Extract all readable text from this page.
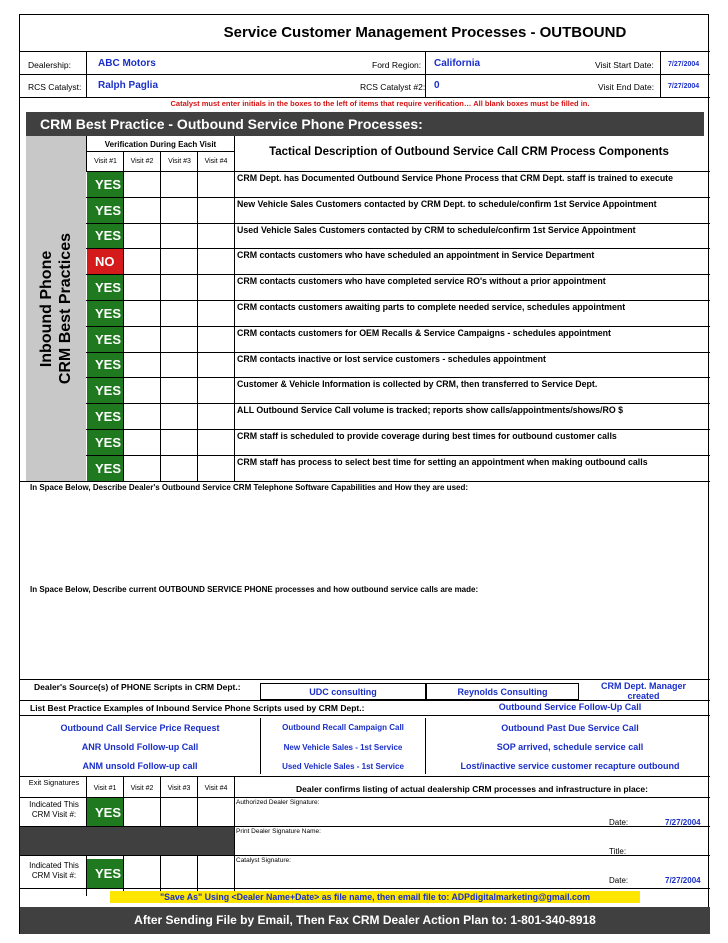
Service Customer Management Processes - OUTBOUND
Dealership:	ABC Motors	Ford Region: California	Visit Start Date: 7/27/2004
RCS Catalyst: Ralph Paglia	RCS Catalyst #2: 0	Visit End Date: 7/27/2004
Catalyst must enter initials in the boxes to the left of items that require verification… All blank boxes must be filled in.
CRM Best Practice - Outbound Service Phone Processes:
Inbound Phone CRM Best Practices
Verification During Each Visit
Visit #1	Visit #2	Visit #3	Visit #4
Tactical Description of Outbound Service Call CRM Process Components
YES	CRM Dept. has Documented Outbound Service Phone Process that CRM Dept. staff is trained to execute
YES	New Vehicle Sales Customers contacted by CRM Dept. to schedule/confirm 1st Service Appointment
YES	Used Vehicle Sales Customers contacted by CRM to schedule/confirm 1st Service Appointment
NO	CRM contacts customers who have scheduled an appointment in Service Department
YES	CRM contacts customers who have completed service RO's without a prior appointment
YES	CRM contacts customers awaiting parts to complete needed service, schedules appointment
YES	CRM contacts customers for OEM Recalls & Service Campaigns - schedules appointment
YES	CRM contacts inactive or lost service customers - schedules appointment
YES	Customer & Vehicle Information is collected by CRM, then transferred to Service Dept.
YES	ALL Outbound Service Call volume is tracked; reports show calls/appointments/shows/RO $
YES	CRM staff is scheduled to provide coverage during best times for outbound customer calls
YES	CRM staff has process to select best time for setting an appointment when making outbound calls
In Space Below, Describe Dealer's Outbound Service CRM Telephone Software Capabilities and How they are used:
In Space Below, Describe current OUTBOUND SERVICE PHONE processes and how outbound service calls are made:
Dealer's Source(s) of PHONE Scripts in CRM Dept.:	UDC consulting	Reynolds Consulting
CRM Dept. Manager created
List Best Practice Examples of Inbound Service Phone Scripts used by CRM Dept.:	Outbound Service Follow-Up Call
Outbound Call Service Price Request	Outbound Recall Campaign Call	Outbound Past Due Service Call
ANR Unsold Follow-up Call	New Vehicle Sales - 1st Service	SOP arrived, schedule service call
ANM unsold Follow-up call	Used Vehicle Sales - 1st Service	Lost/inactive service customer recapture outbound
Exit Signatures
Visit #1	Visit #2	Visit #3	Visit #4	Dealer confirms listing of actual dealership CRM processes and infrastructure in place:
Indicated This CRM Visit #:	YES
Authorized Dealer Signature:
Date:	7/27/2004
Print Dealer Signature Name:
Title:
Indicated This CRM Visit #:	YES
Catalyst Signature:
Date:	7/27/2004
"Save As" Using <Dealer Name+Date> as file name, then email file to: ADPdigitalmarketing@gmail.com
After Sending File by Email, Then Fax CRM Dealer Action Plan to: 1-801-340-8918
